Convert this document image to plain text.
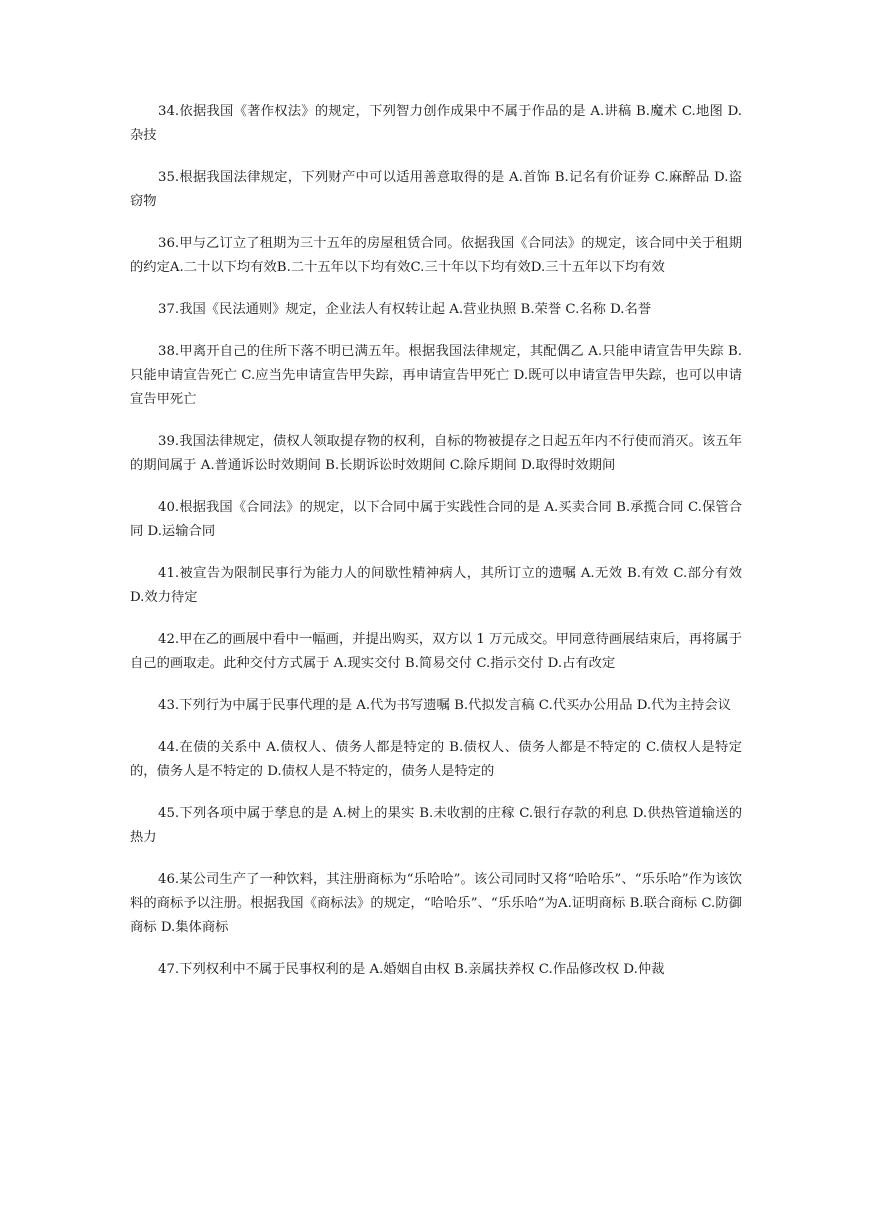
34.依据我国《著作权法》的规定，下列智力创作成果中不属于作品的是 A.讲稿 B.魔术 C.地图 D.杂技

35.根据我国法律规定，下列财产中可以适用善意取得的是 A.首饰 B.记名有价证券 C.麻醉品 D.盗窃物

36.甲与乙订立了租期为三十五年的房屋租赁合同。依据我国《合同法》的规定，该合同中关于租期的约定A.二十以下均有效B.二十五年以下均有效C.三十年以下均有效D.三十五年以下均有效

37.我国《民法通则》规定，企业法人有权转让起 A.营业执照 B.荣誉 C.名称 D.名誉

38.甲离开自己的住所下落不明已满五年。根据我国法律规定，其配偶乙 A.只能申请宣告甲失踪 B.只能申请宣告死亡 C.应当先申请宣告甲失踪，再申请宣告甲死亡 D.既可以申请宣告甲失踪，也可以申请宣告甲死亡

39.我国法律规定，债权人领取提存物的权利，自标的物被提存之日起五年内不行使而消灭。该五年的期间属于 A.普通诉讼时效期间 B.长期诉讼时效期间 C.除斥期间 D.取得时效期间

40.根据我国《合同法》的规定，以下合同中属于实践性合同的是 A.买卖合同 B.承揽合同 C.保管合同 D.运输合同

41.被宣告为限制民事行为能力人的间歇性精神病人，其所订立的遗嘱 A.无效 B.有效 C.部分有效 D.效力待定

42.甲在乙的画展中看中一幅画，并提出购买，双方以 1 万元成交。甲同意待画展结束后，再将属于自己的画取走。此种交付方式属于 A.现实交付 B.简易交付 C.指示交付 D.占有改定

43.下列行为中属于民事代理的是 A.代为书写遗嘱 B.代拟发言稿 C.代买办公用品 D.代为主持会议

44.在债的关系中 A.债权人、债务人都是特定的 B.债权人、债务人都是不特定的 C.债权人是特定的，债务人是不特定的 D.债权人是不特定的，债务人是特定的

45.下列各项中属于孳息的是 A.树上的果实 B.未收割的庄稼 C.银行存款的利息 D.供热管道输送的热力

46.某公司生产了一种饮料，其注册商标为“乐哈哈”。该公司同时又将“哈哈乐”、“乐乐哈”作为该饮料的商标予以注册。根据我国《商标法》的规定，“哈哈乐”、“乐乐哈”为A.证明商标 B.联合商标 C.防御商标 D.集体商标

47.下列权利中不属于民事权利的是 A.婚姻自由权 B.亲属扶养权 C.作品修改权 D.仲裁
